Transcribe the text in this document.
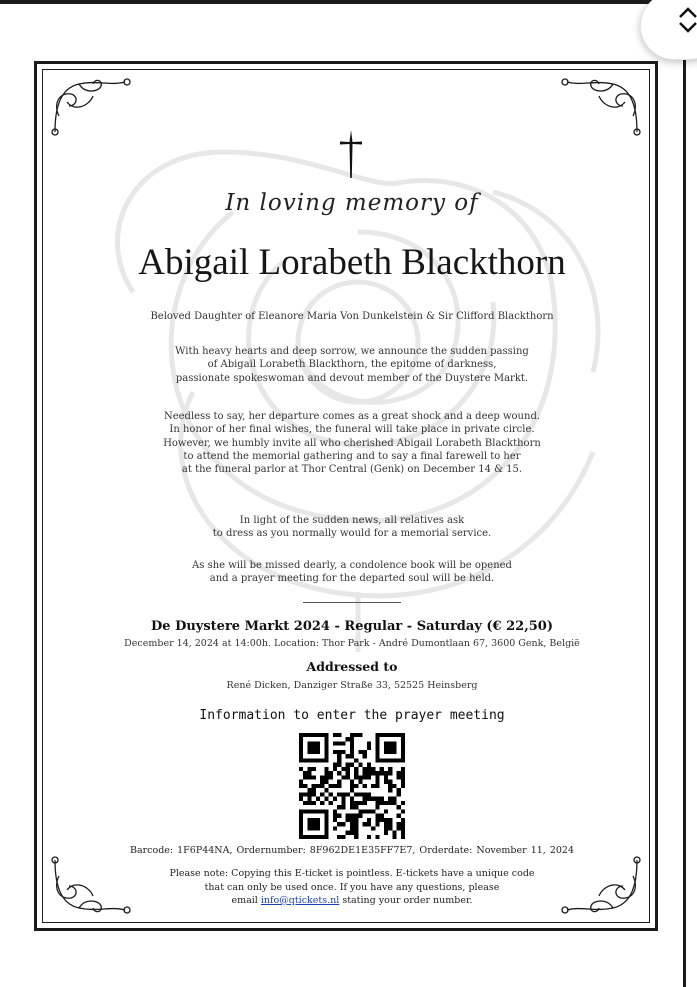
In loving memory of

Abigail Lorabeth Blackthorn

Beloved Daughter of Eleanore Maria Von Dunkelstein & Sir Clifford Blackthorn

With heavy hearts and deep sorrow, we announce the sudden passing
of Abigail Lorabeth Blackthorn, the epitome of darkness,
passionate spokeswoman and devout member of the Duystere Markt.
Needless to say, her departure comes as a great shock and a deep wound.
In honor of her final wishes, the funeral will take place in private circle.
However, we humbly invite all who cherished Abigail Lorabeth Blackthorn
to attend the memorial gathering and to say a final farewell to her
at the funeral parlor at Thor Central (Genk) on December 14 & 15.
In light of the sudden news, all relatives ask
to dress as you normally would for a memorial service.
As she will be missed dearly, a condolence book will be opened
and a prayer meeting for the departed soul will be held.

De Duystere Markt 2024 - Regular - Saturday (€ 22,50)

December 14, 2024 at 14:00h. Location: Thor Park - André Dumontlaan 67, 3600 Genk, België

Addressed to

René Dicken, Danziger Straße 33, 52525 Heinsberg

Information to enter the prayer meeting

Barcode: 1F6P44NA, Ordernumber: 8F962DE1E35FF7E7, Orderdate: November 11, 2024

Please note: Copying this E-ticket is pointless. E-tickets have a unique code
that can only be used once. If you have any questions, please
email info@qtickets.nl stating your order number.
